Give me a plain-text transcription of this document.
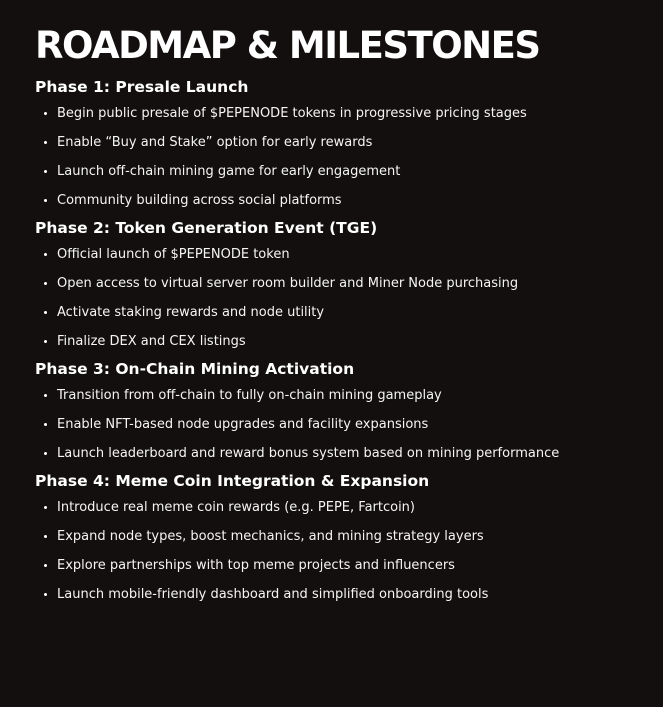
ROADMAP & MILESTONES
Phase 1: Presale Launch
Begin public presale of $PEPENODE tokens in progressive pricing stages
Enable “Buy and Stake” option for early rewards
Launch off-chain mining game for early engagement
Community building across social platforms
Phase 2: Token Generation Event (TGE)
Official launch of $PEPENODE token
Open access to virtual server room builder and Miner Node purchasing
Activate staking rewards and node utility
Finalize DEX and CEX listings
Phase 3: On-Chain Mining Activation
Transition from off-chain to fully on-chain mining gameplay
Enable NFT-based node upgrades and facility expansions
Launch leaderboard and reward bonus system based on mining performance
Phase 4: Meme Coin Integration & Expansion
Introduce real meme coin rewards (e.g. PEPE, Fartcoin)
Expand node types, boost mechanics, and mining strategy layers
Explore partnerships with top meme projects and influencers
Launch mobile-friendly dashboard and simplified onboarding tools
